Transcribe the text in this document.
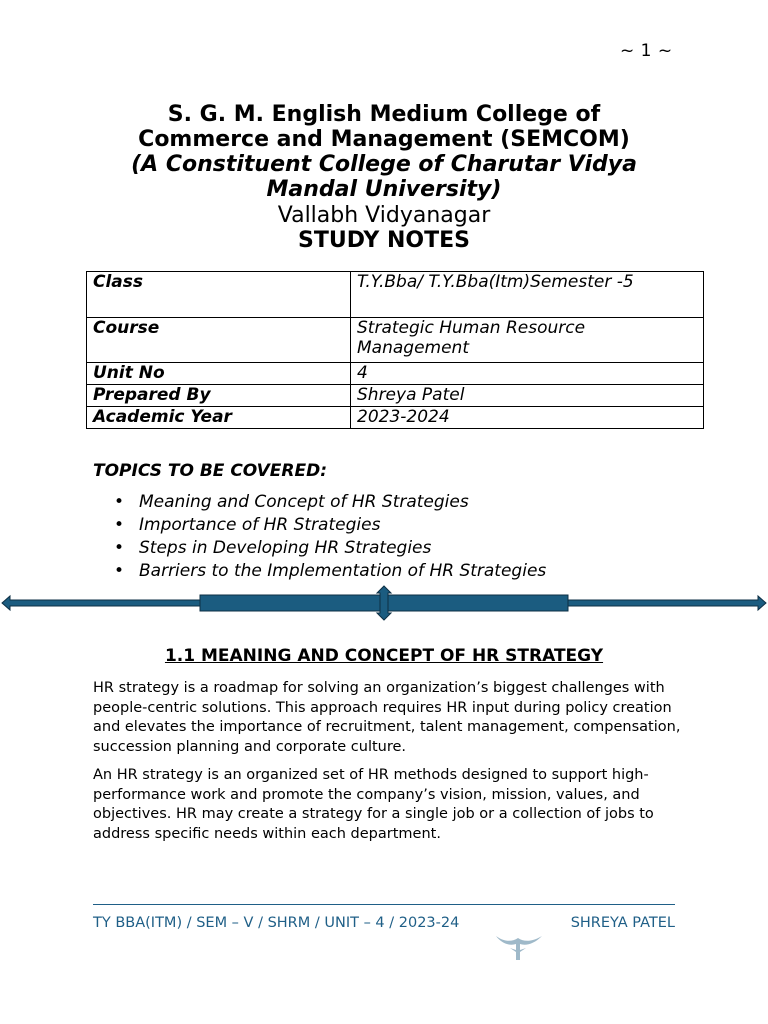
~ 1 ~
S. G. M. English Medium College of
Commerce and Management (SEMCOM)
(A Constituent College of Charutar Vidya
Mandal University)
Vallabh Vidyanagar
STUDY NOTES
Class	T.Y.Bba/ T.Y.Bba(Itm)Semester -5
Course	Strategic Human Resource Management
Unit No	4
Prepared By	Shreya Patel
Academic Year	2023-2024
TOPICS TO BE COVERED:
• Meaning and Concept of HR Strategies
• Importance of HR Strategies
• Steps in Developing HR Strategies
• Barriers to the Implementation of HR Strategies
1.1 MEANING AND CONCEPT OF HR STRATEGY
HR strategy is a roadmap for solving an organization’s biggest challenges with people-centric solutions. This approach requires HR input during policy creation and elevates the importance of recruitment, talent management, compensation, succession planning and corporate culture.
An HR strategy is an organized set of HR methods designed to support high-performance work and promote the company’s vision, mission, values, and objectives. HR may create a strategy for a single job or a collection of jobs to address specific needs within each department.
TY BBA(ITM) / SEM – V / SHRM / UNIT – 4 / 2023-24	SHREYA PATEL
